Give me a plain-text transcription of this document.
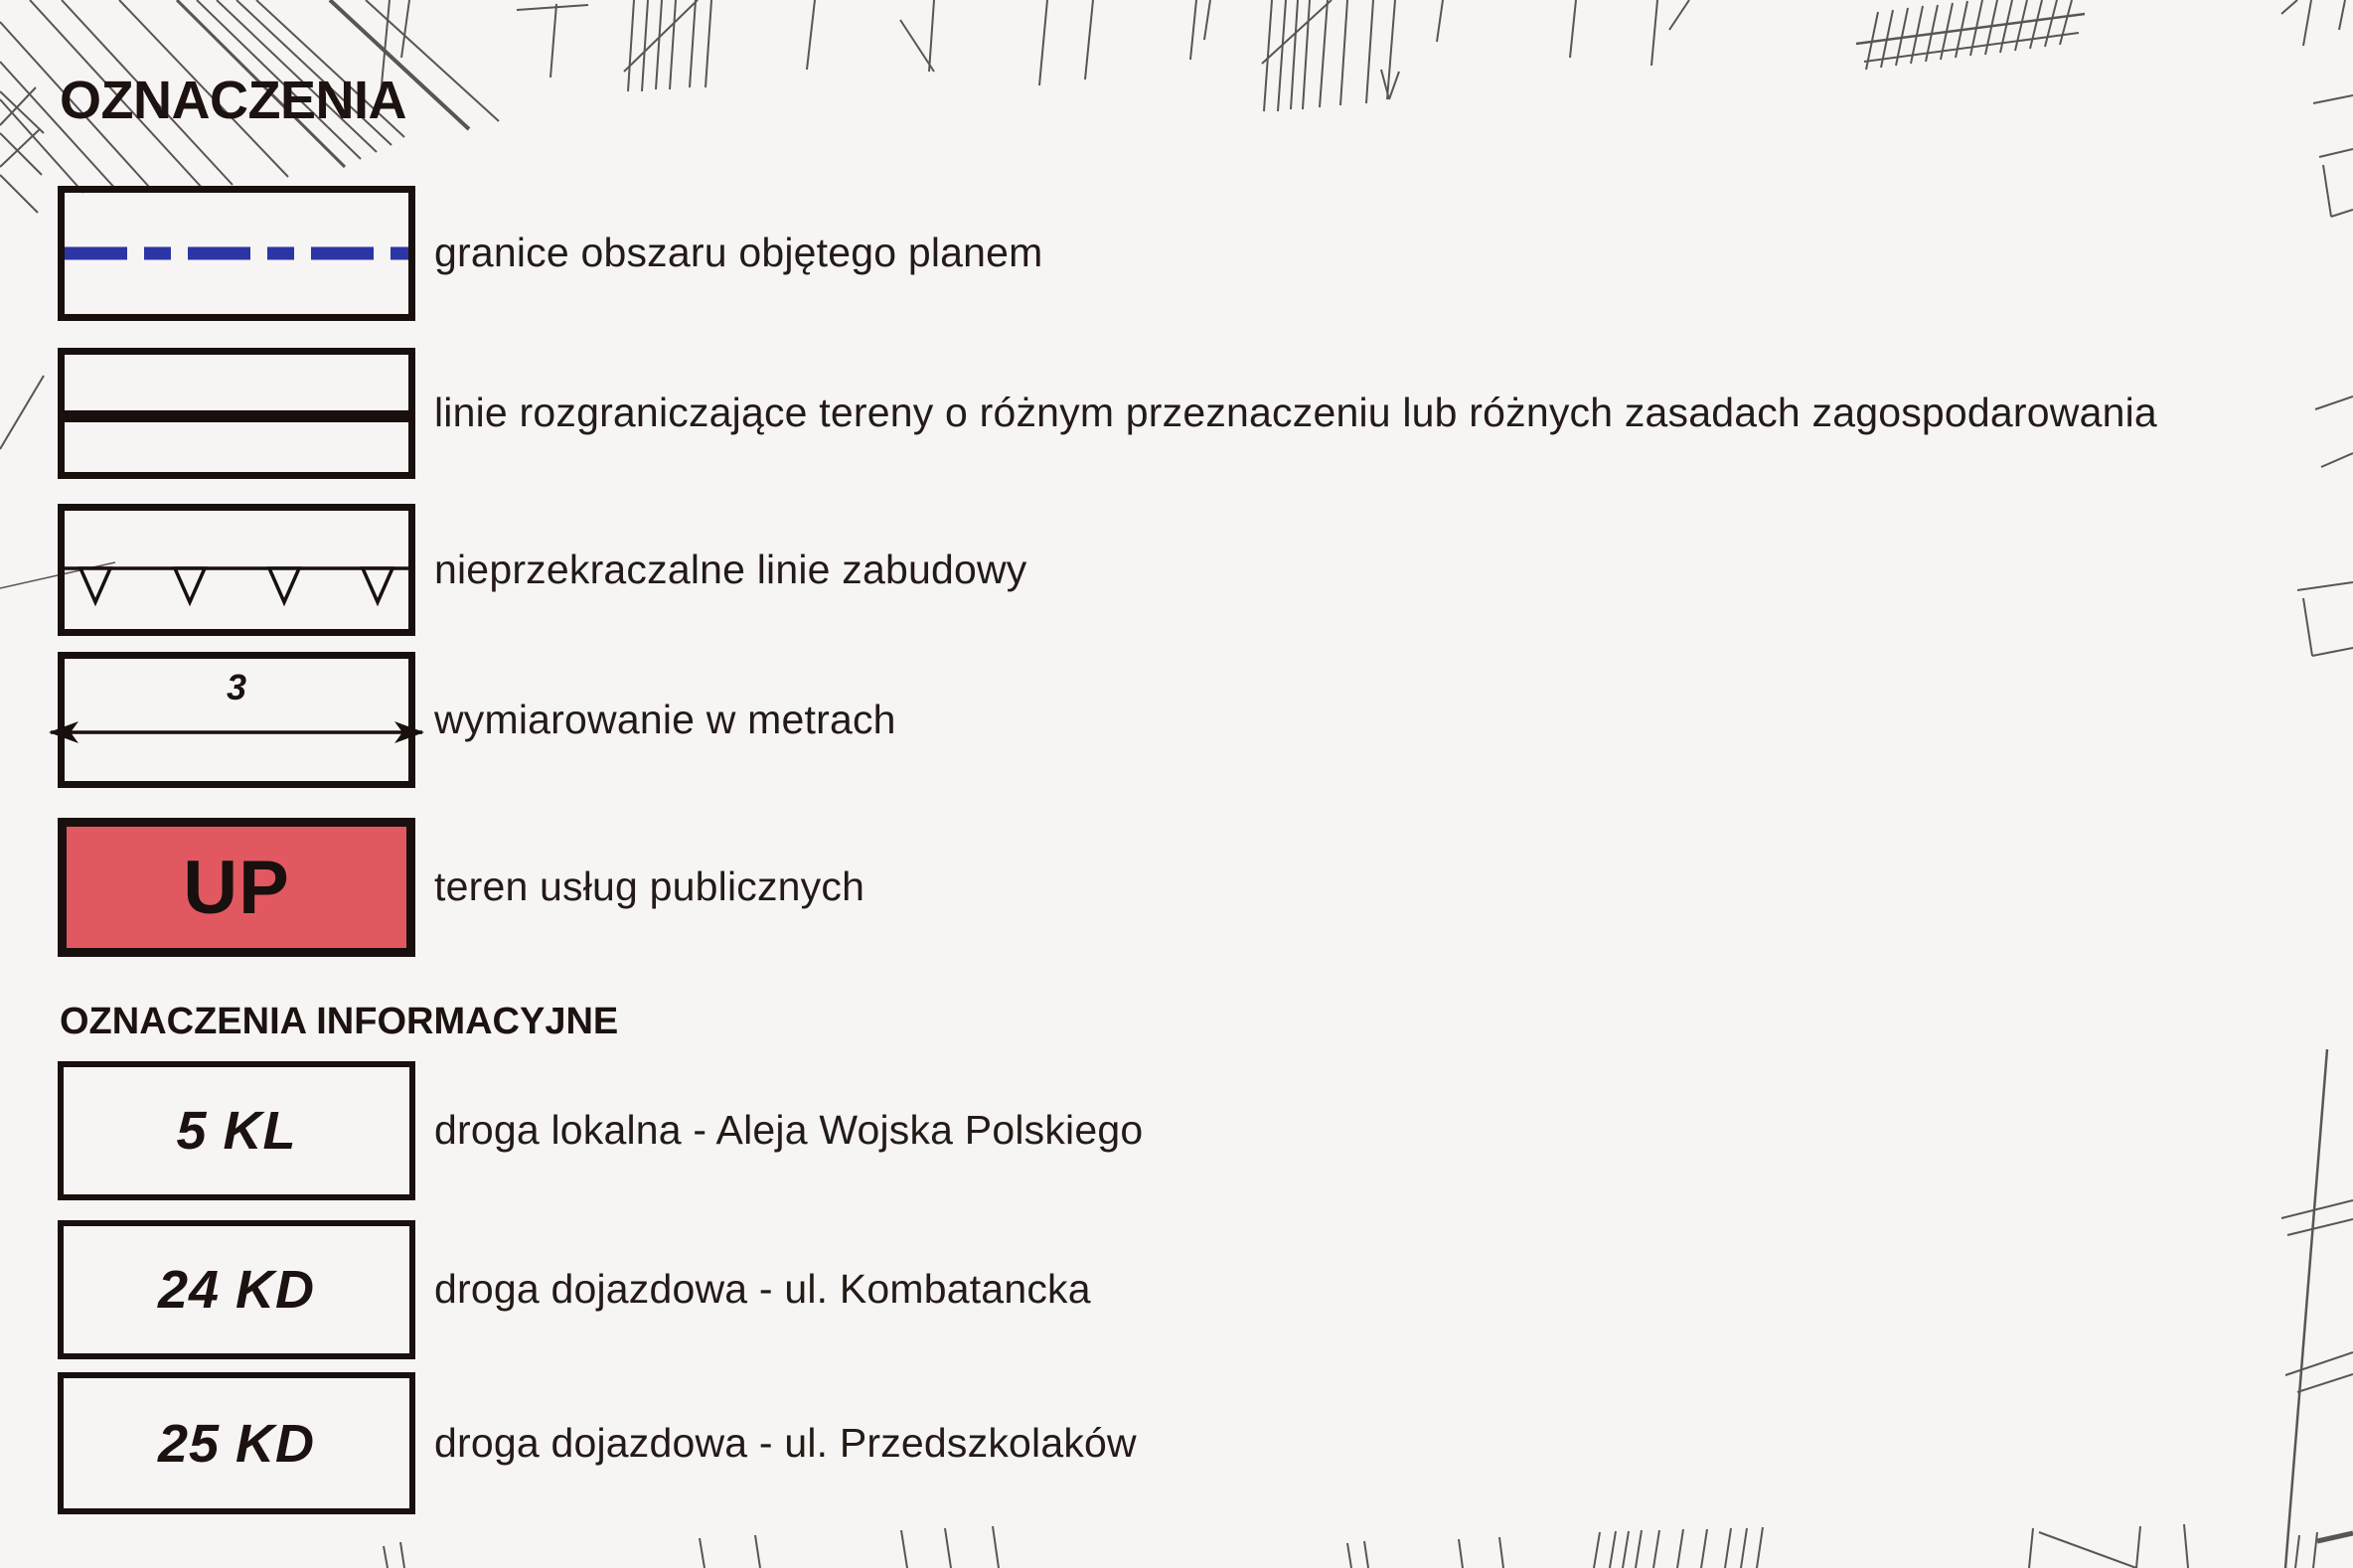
OZNACZENIA
granice obszaru objętego planem
linie rozgraniczające tereny o różnym przeznaczeniu lub różnych zasadach zagospodarowania
nieprzekraczalne linie zabudowy
3
wymiarowanie w metrach
UP	teren usług publicznych
OZNACZENIA INFORMACYJNE
5 KL	droga lokalna - Aleja Wojska Polskiego
24 KD	droga dojazdowa - ul. Kombatancka
25 KD	droga dojazdowa - ul. Przedszkolaków
